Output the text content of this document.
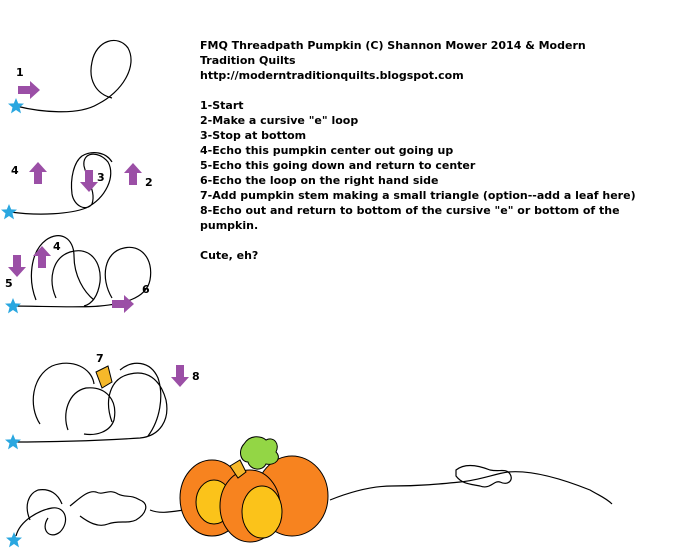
1
4
3	2
5
4
6
7
8

FMQ Threadpath Pumpkin (C) Shannon Mower 2014 & Modern Tradition Quilts

http://moderntraditionquilts.blogspot.com

1-Start

2-Make a cursive "e" loop

3-Stop at bottom

4-Echo this pumpkin center out going up

5-Echo this going down and return to center

6-Echo the loop on the right hand side

7-Add pumpkin stem making a small triangle (option--add a leaf here)

8-Echo out and return to bottom of the cursive "e" or bottom of the pumpkin.

Cute, eh?
